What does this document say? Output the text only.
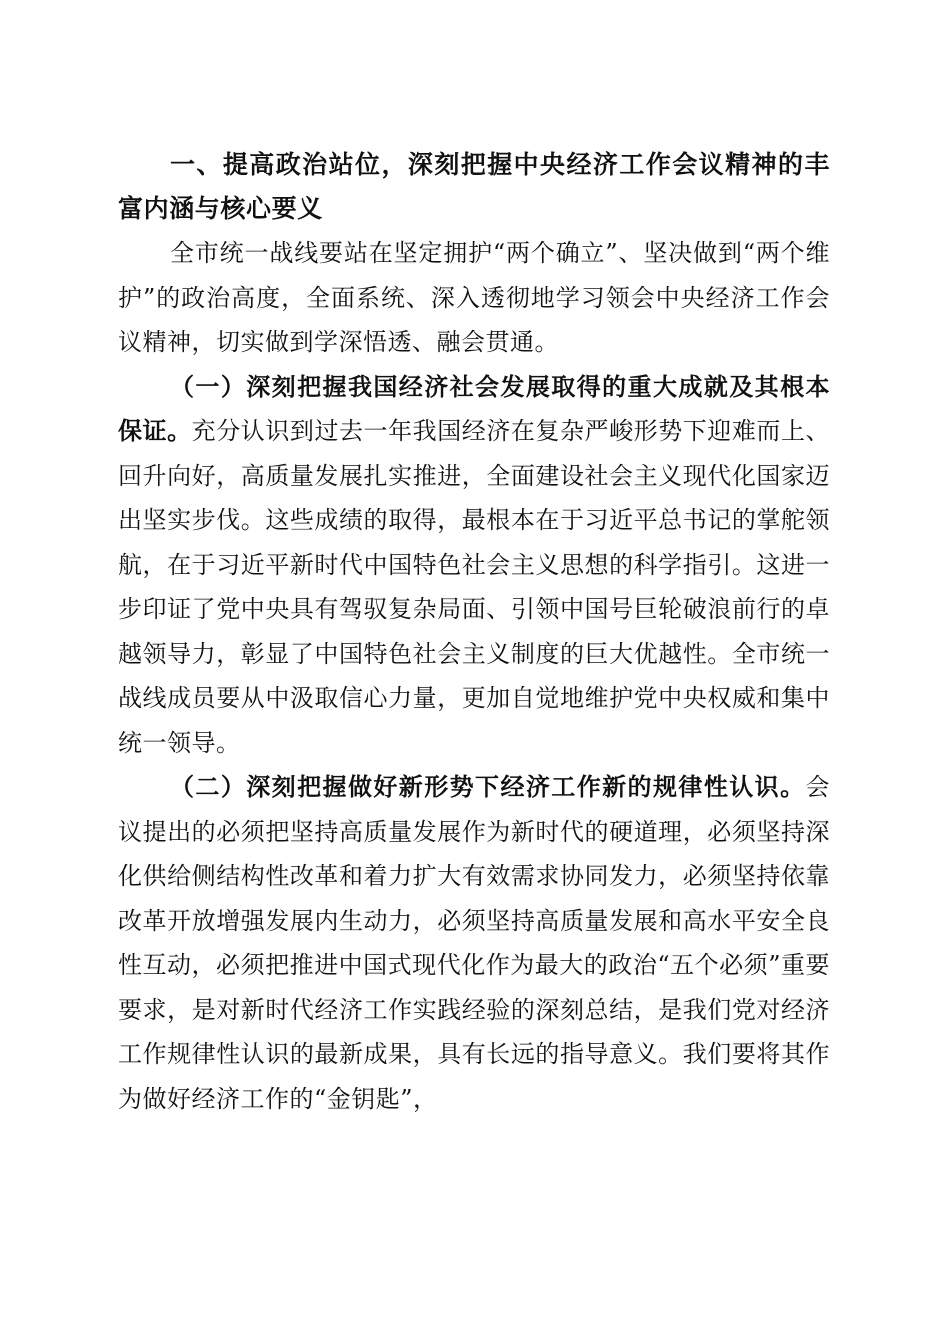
一、提高政治站位，深刻把握中央经济工作会议精神的丰富内涵与核心要义

全市统一战线要站在坚定拥护“两个确立”、坚决做到“两个维护”的政治高度，全面系统、深入透彻地学习领会中央经济工作会议精神，切实做到学深悟透、融会贯通。

（一）深刻把握我国经济社会发展取得的重大成就及其根本保证。充分认识到过去一年我国经济在复杂严峻形势下迎难而上、回升向好，高质量发展扎实推进，全面建设社会主义现代化国家迈出坚实步伐。这些成绩的取得，最根本在于习近平总书记的掌舵领航，在于习近平新时代中国特色社会主义思想的科学指引。这进一步印证了党中央具有驾驭复杂局面、引领中国号巨轮破浪前行的卓越领导力，彰显了中国特色社会主义制度的巨大优越性。全市统一战线成员要从中汲取信心力量，更加自觉地维护党中央权威和集中统一领导。

（二）深刻把握做好新形势下经济工作新的规律性认识。会议提出的必须把坚持高质量发展作为新时代的硬道理，必须坚持深化供给侧结构性改革和着力扩大有效需求协同发力，必须坚持依靠改革开放增强发展内生动力，必须坚持高质量发展和高水平安全良性互动，必须把推进中国式现代化作为最大的政治“五个必须”重要要求，是对新时代经济工作实践经验的深刻总结，是我们党对经济工作规律性认识的最新成果，具有长远的指导意义。我们要将其作为做好经济工作的“金钥匙”，
